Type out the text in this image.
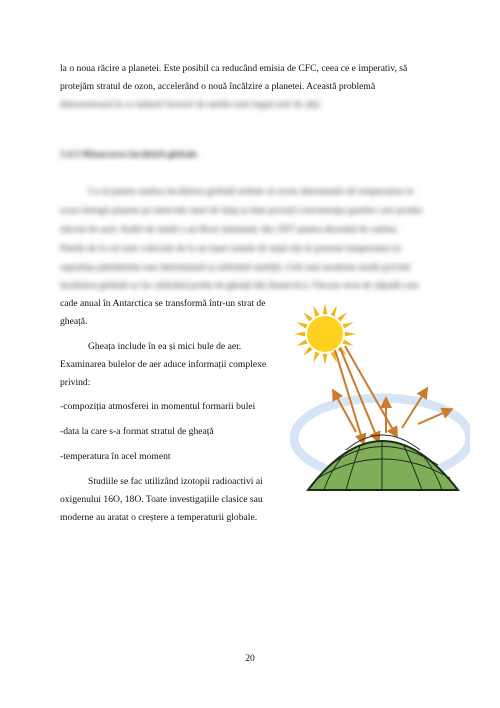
la o noua răcire a planetei. Este posibil ca reducând emisia de CFC, ceea ce e imperativ, să

protejăm stratul de ozon, accelerând o nouă încălzire a planetei. Această problemă

demonstrează în ce măsură factorii de mediu sunt legați unii de alții.

2.4.3 Măsurarea încălzirii globale

Ca să putem analiza încălzirea globală trebuie să avem determinări de temperatura la

scara întregii planete pe intervale mari de timp și date privind concentrația gazelor care produc

efectul de seră. Astfel de studii s-au făcut sistematic din 1957 pentru dioxidul de carbon.

Datele de la sol sunt colectate de la un mare număr de stații dar în prezent temperatura la

suprafața pământului este determinată și utilizând sateliții. Cele mai moderne studii privind

încălzirea globală se fac utilizând probe de gheață din Antarctica. Fiecare strat de zăpadă care

cade anual în Antarctica se transformă într-un strat de

gheață.

Gheața include în ea și mici bule de aer.

Examinarea bulelor de aer aduce informații complexe

privind:

-compoziția atmosferei in momentul formarii bulei

-data la care s-a format stratul de gheață

-temperatura în acel moment

Studiile se fac utilizând izotopii radioactivi ai

oxigenului 16O, 18O. Toate investigațiile clasice sau

moderne au aratat o creștere a temperaturii globale.

20
